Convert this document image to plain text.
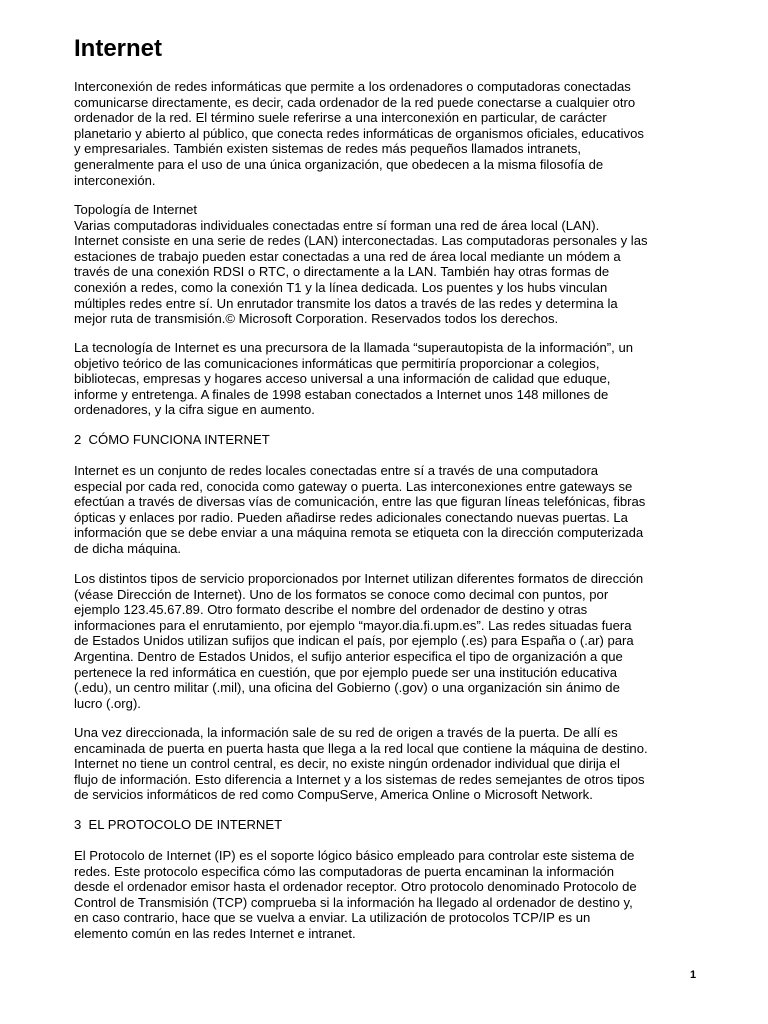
Internet
Interconexión de redes informáticas que permite a los ordenadores o computadoras conectadas
comunicarse directamente, es decir, cada ordenador de la red puede conectarse a cualquier otro
ordenador de la red. El término suele referirse a una interconexión en particular, de carácter
planetario y abierto al público, que conecta redes informáticas de organismos oficiales, educativos
y empresariales. También existen sistemas de redes más pequeños llamados intranets,
generalmente para el uso de una única organización, que obedecen a la misma filosofía de
interconexión.
Topología de Internet
Varias computadoras individuales conectadas entre sí forman una red de área local (LAN).
Internet consiste en una serie de redes (LAN) interconectadas. Las computadoras personales y las
estaciones de trabajo pueden estar conectadas a una red de área local mediante un módem a
través de una conexión RDSI o RTC, o directamente a la LAN. También hay otras formas de
conexión a redes, como la conexión T1 y la línea dedicada. Los puentes y los hubs vinculan
múltiples redes entre sí. Un enrutador transmite los datos a través de las redes y determina la
mejor ruta de transmisión.© Microsoft Corporation. Reservados todos los derechos.
La tecnología de Internet es una precursora de la llamada “superautopista de la información”, un
objetivo teórico de las comunicaciones informáticas que permitiría proporcionar a colegios,
bibliotecas, empresas y hogares acceso universal a una información de calidad que eduque,
informe y entretenga. A finales de 1998 estaban conectados a Internet unos 148 millones de
ordenadores, y la cifra sigue en aumento.
2  CÓMO FUNCIONA INTERNET
Internet es un conjunto de redes locales conectadas entre sí a través de una computadora
especial por cada red, conocida como gateway o puerta. Las interconexiones entre gateways se
efectúan a través de diversas vías de comunicación, entre las que figuran líneas telefónicas, fibras
ópticas y enlaces por radio. Pueden añadirse redes adicionales conectando nuevas puertas. La
información que se debe enviar a una máquina remota se etiqueta con la dirección computerizada
de dicha máquina.
Los distintos tipos de servicio proporcionados por Internet utilizan diferentes formatos de dirección
(véase Dirección de Internet). Uno de los formatos se conoce como decimal con puntos, por
ejemplo 123.45.67.89. Otro formato describe el nombre del ordenador de destino y otras
informaciones para el enrutamiento, por ejemplo “mayor.dia.fi.upm.es”. Las redes situadas fuera
de Estados Unidos utilizan sufijos que indican el país, por ejemplo (.es) para España o (.ar) para
Argentina. Dentro de Estados Unidos, el sufijo anterior especifica el tipo de organización a que
pertenece la red informática en cuestión, que por ejemplo puede ser una institución educativa
(.edu), un centro militar (.mil), una oficina del Gobierno (.gov) o una organización sin ánimo de
lucro (.org).
Una vez direccionada, la información sale de su red de origen a través de la puerta. De allí es
encaminada de puerta en puerta hasta que llega a la red local que contiene la máquina de destino.
Internet no tiene un control central, es decir, no existe ningún ordenador individual que dirija el
flujo de información. Esto diferencia a Internet y a los sistemas de redes semejantes de otros tipos
de servicios informáticos de red como CompuServe, America Online o Microsoft Network.
3  EL PROTOCOLO DE INTERNET
El Protocolo de Internet (IP) es el soporte lógico básico empleado para controlar este sistema de
redes. Este protocolo especifica cómo las computadoras de puerta encaminan la información
desde el ordenador emisor hasta el ordenador receptor. Otro protocolo denominado Protocolo de
Control de Transmisión (TCP) comprueba si la información ha llegado al ordenador de destino y,
en caso contrario, hace que se vuelva a enviar. La utilización de protocolos TCP/IP es un
elemento común en las redes Internet e intranet.
1
